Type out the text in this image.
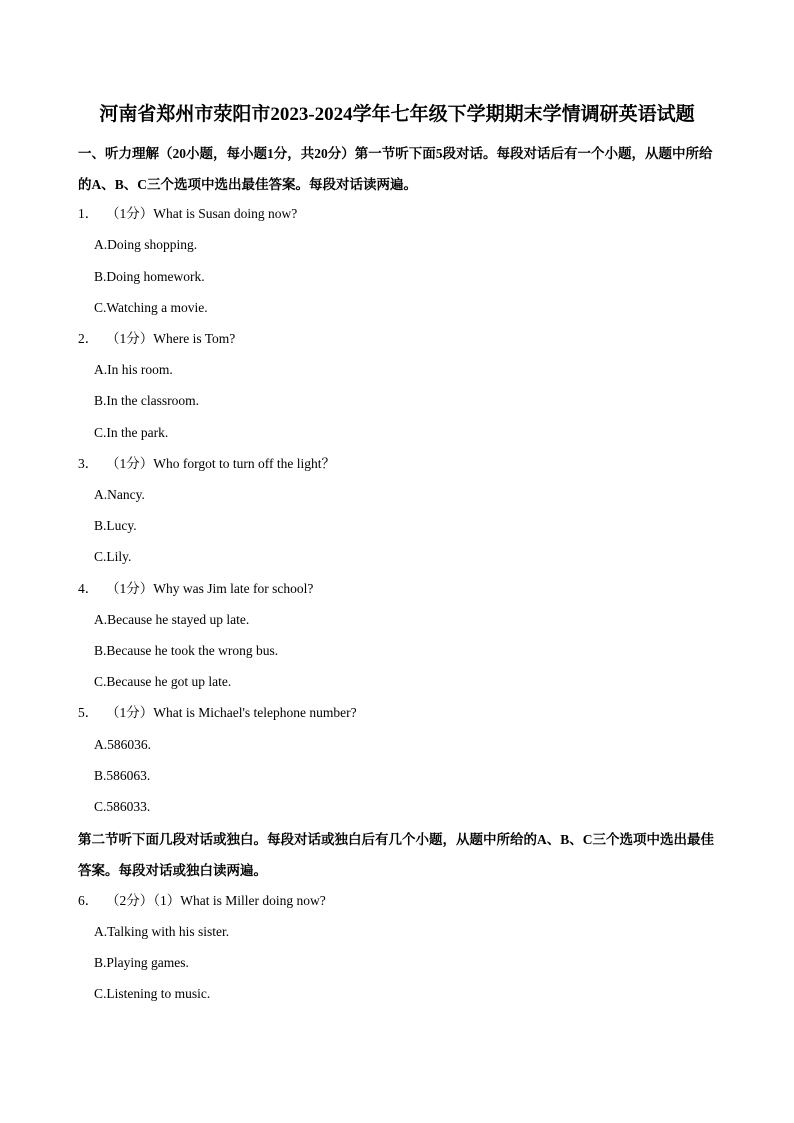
河南省郑州市荥阳市2023-2024学年七年级下学期期末学情调研英语试题
一、听力理解（20小题，每小题1分，共20分）第一节听下面5段对话。每段对话后有一个小题，从题中所给的A、B、C三个选项中选出最佳答案。每段对话读两遍。
1． （1分）What is Susan doing now?
A.Doing shopping.
B.Doing homework.
C.Watching a movie.
2． （1分）Where is Tom?
A.In his room.
B.In the classroom.
C.In the park.
3． （1分）Who forgot to turn off the light？
A.Nancy.
B.Lucy.
C.Lily.
4． （1分）Why was Jim late for school?
A.Because he stayed up late.
B.Because he took the wrong bus.
C.Because he got up late.
5． （1分）What is Michael's telephone number?
A.586036.
B.586063.
C.586033.
第二节听下面几段对话或独白。每段对话或独白后有几个小题，从题中所给的A、B、C三个选项中选出最佳答案。每段对话或独白读两遍。
6． （2分）（1）What is Miller doing now?
A.Talking with his sister.
B.Playing games.
C.Listening to music.
